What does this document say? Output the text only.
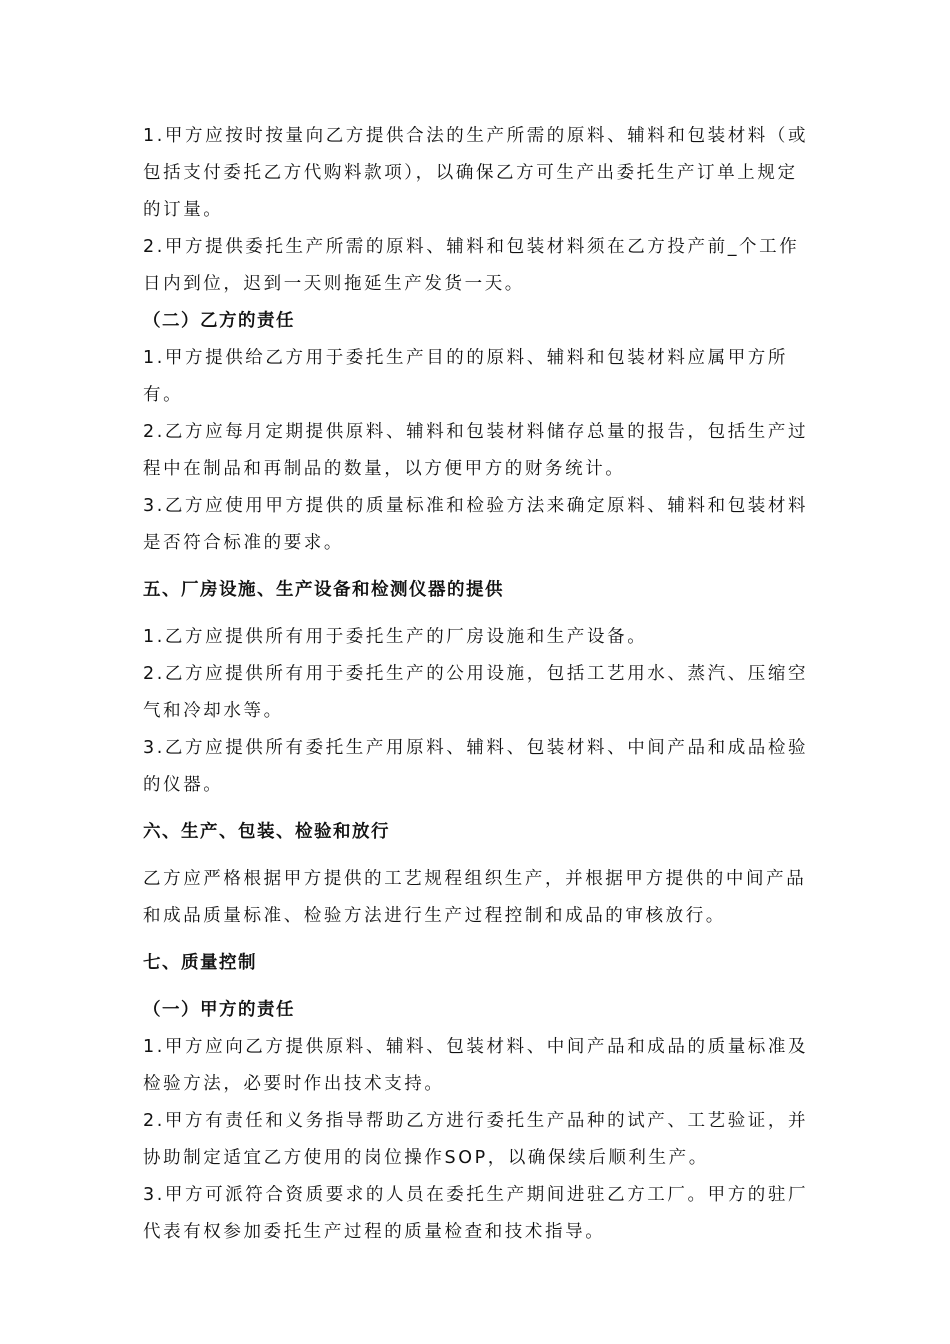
1.甲方应按时按量向乙方提供合法的生产所需的原料、辅料和包装材料（或包括支付委托乙方代购料款项），以确保乙方可生产出委托生产订单上规定的订量。

2.甲方提供委托生产所需的原料、辅料和包装材料须在乙方投产前_个工作日内到位，迟到一天则拖延生产发货一天。

（二）乙方的责任

1.甲方提供给乙方用于委托生产目的的原料、辅料和包装材料应属甲方所有。

2.乙方应每月定期提供原料、辅料和包装材料储存总量的报告，包括生产过程中在制品和再制品的数量，以方便甲方的财务统计。

3.乙方应使用甲方提供的质量标准和检验方法来确定原料、辅料和包装材料是否符合标准的要求。

五、厂房设施、生产设备和检测仪器的提供

1.乙方应提供所有用于委托生产的厂房设施和生产设备。

2.乙方应提供所有用于委托生产的公用设施，包括工艺用水、蒸汽、压缩空气和冷却水等。

3.乙方应提供所有委托生产用原料、辅料、包装材料、中间产品和成品检验的仪器。

六、生产、包装、检验和放行

乙方应严格根据甲方提供的工艺规程组织生产，并根据甲方提供的中间产品和成品质量标准、检验方法进行生产过程控制和成品的审核放行。

七、质量控制

（一）甲方的责任

1.甲方应向乙方提供原料、辅料、包装材料、中间产品和成品的质量标准及检验方法，必要时作出技术支持。

2.甲方有责任和义务指导帮助乙方进行委托生产品种的试产、工艺验证，并协助制定适宜乙方使用的岗位操作SOP，以确保续后顺利生产。

3.甲方可派符合资质要求的人员在委托生产期间进驻乙方工厂。甲方的驻厂代表有权参加委托生产过程的质量检查和技术指导。
